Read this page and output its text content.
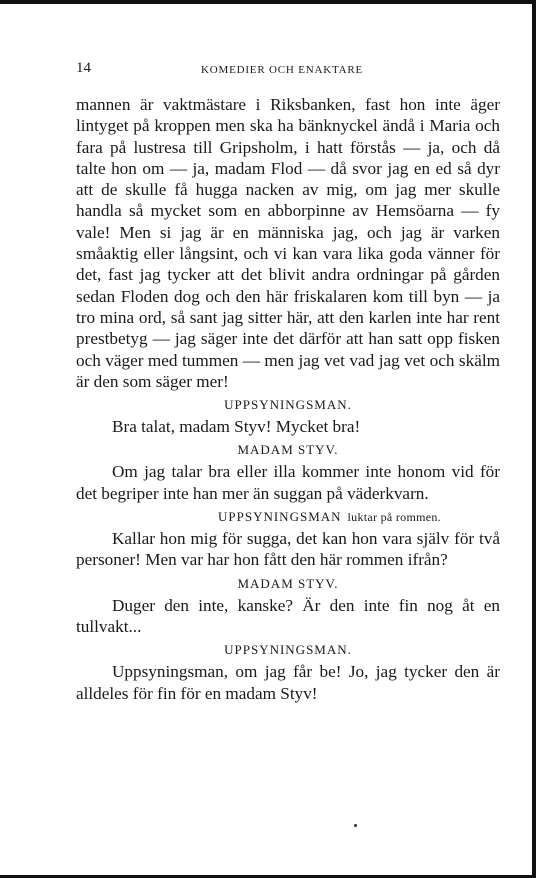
14	KOMEDIER OCH ENAKTARE

mannen är vaktmästare i Riksbanken, fast hon inte äger lintyget på kroppen men ska ha bänknyckel ändå i Maria och fara på lustresa till Gripsholm, i hatt förstås — ja, och då talte hon om — ja, madam Flod — då svor jag en ed så dyr att de skulle få hugga nacken av mig, om jag mer skulle handla så mycket som en abborpinne av Hemsöarna — fy vale! Men si jag är en människa jag, och jag är varken småaktig eller långsint, och vi kan vara lika goda vänner för det, fast jag tycker att det blivit andra ordningar på gården sedan Floden dog och den här friskalaren kom till byn — ja tro mina ord, så sant jag sitter här, att den karlen inte har rent prestbetyg — jag säger inte det därför att han satt opp fisken och väger med tummen — men jag vet vad jag vet och skälm är den som säger mer!

UPPSYNINGSMAN.

Bra talat, madam Styv! Mycket bra!

MADAM STYV.

Om jag talar bra eller illa kommer inte honom vid för det begriper inte han mer än suggan på väderkvarn.

UPPSYNINGSMAN luktar på rommen.

Kallar hon mig för sugga, det kan hon vara själv för två personer! Men var har hon fått den här rommen ifrån?

MADAM STYV.

Duger den inte, kanske? Är den inte fin nog åt en tullvakt...

UPPSYNINGSMAN.

Uppsyningsman, om jag får be! Jo, jag tycker den är alldeles för fin för en madam Styv!
